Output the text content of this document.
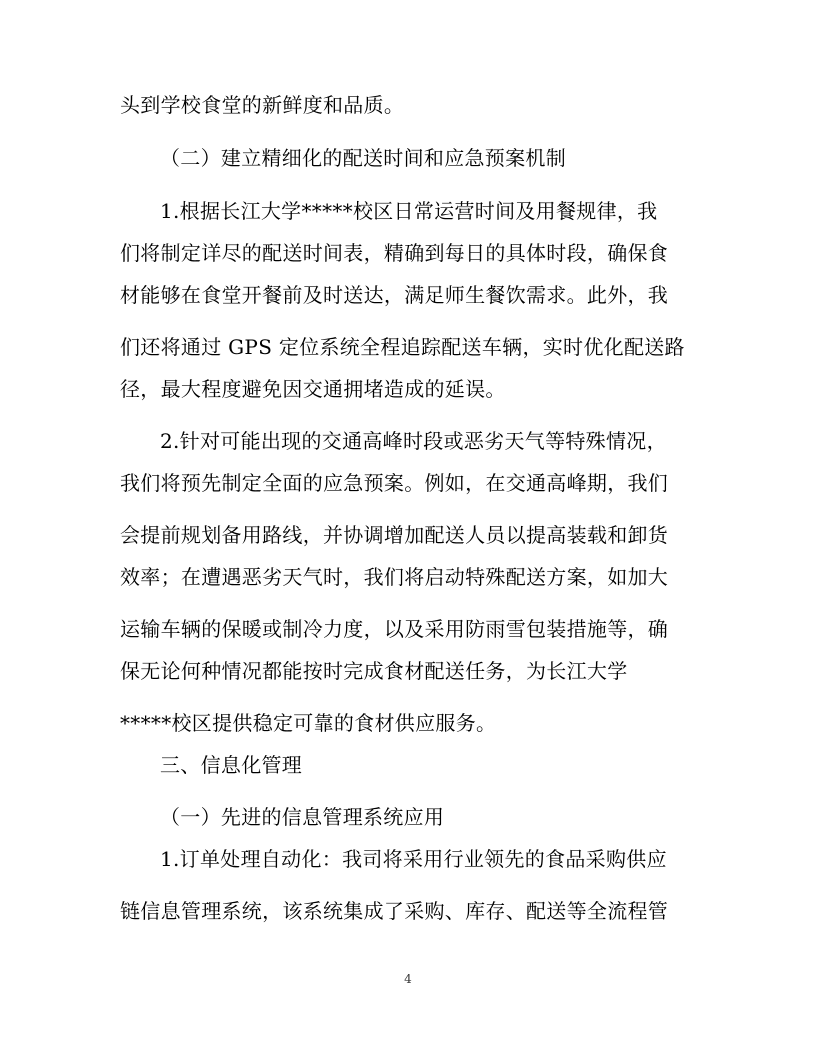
头到学校食堂的新鲜度和品质。
（二）建立精细化的配送时间和应急预案机制
1.根据长江大学*****校区日常运营时间及用餐规律，我
们将制定详尽的配送时间表，精确到每日的具体时段，确保食
材能够在食堂开餐前及时送达，满足师生餐饮需求。此外，我
们还将通过 GPS 定位系统全程追踪配送车辆，实时优化配送路
径，最大程度避免因交通拥堵造成的延误。
2.针对可能出现的交通高峰时段或恶劣天气等特殊情况，
我们将预先制定全面的应急预案。例如，在交通高峰期，我们
会提前规划备用路线，并协调增加配送人员以提高装载和卸货
效率；在遭遇恶劣天气时，我们将启动特殊配送方案，如加大
运输车辆的保暖或制冷力度，以及采用防雨雪包装措施等，确
保无论何种情况都能按时完成食材配送任务，为长江大学
*****校区提供稳定可靠的食材供应服务。
三、信息化管理
（一）先进的信息管理系统应用
1.订单处理自动化：我司将采用行业领先的食品采购供应
链信息管理系统，该系统集成了采购、库存、配送等全流程管
4
